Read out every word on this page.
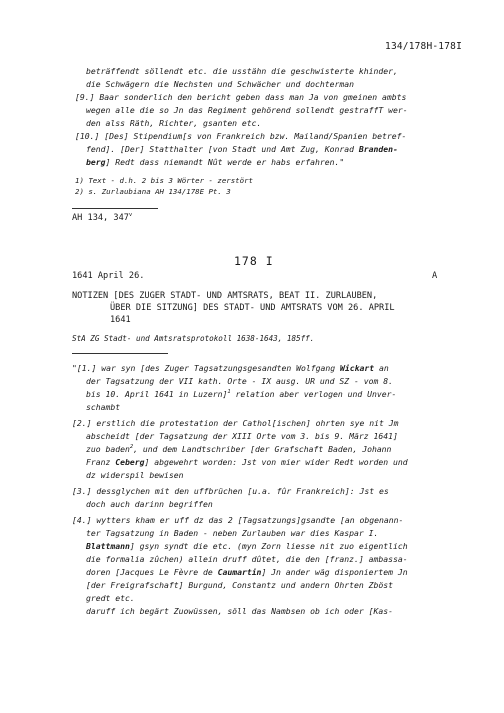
134/178H-178I
beträffendt söllendt etc. die usstähn die geschwisterte khinder,
die Schwägern die Nechsten und Schwächer und dochterman
[9.] Baar sonderlich den bericht geben dass man Ja von gmeinen ambts
wegen alle die so Jn das Regiment gehörend sollendt gestraffT wer-
den alss Räth, Richter, gsanten etc.
[10.] [Des] Stipendium[s von Frankreich bzw. Mailand/Spanien betref-
fend]. [Der] Statthalter [von Stadt und Amt Zug, Konrad Branden-
berg] Redt dass niemandt Nût werde er habs erfahren."
1) Text - d.h. 2 bis 3 Wörter - zerstört
2) s. Zurlaubiana AH 134/178E Pt. 3
AH 134, 347$^v$
178 I
1641 April 26.	A
NOTIZEN [DES ZUGER STADT- UND AMTSRATS, BEAT II. ZURLAUBEN,
ÜBER DIE SITZUNG] DES STADT- UND AMTSRATS VOM 26. APRIL
1641
StA ZG Stadt- und Amtsratsprotokoll 1638-1643, 185ff.
"[1.] war syn [des Zuger Tagsatzungsgesandten Wolfgang Wickart an
der Tagsatzung der VII kath. Orte - IX ausg. UR und SZ - vom 8.
bis 10. April 1641 in Luzern]$^1$ relation aber verlogen und Unver-
schambt
[2.] erstlich die protestation der Cathol[ischen] ohrten sye nit Jm
abscheidt [der Tagsatzung der XIII Orte vom 3. bis 9. März 1641]
zuo baden$^2$, und dem Landtschriber [der Grafschaft Baden, Johann
Franz Ceberg] abgewehrt worden: Jst von mier wider Redt worden und
dz widerspil bewisen
[3.] dessglychen mit den uffbrüchen [u.a. fûr Frankreich]: Jst es
doch auch darinn begriffen
[4.] wytters kham er uff dz das 2 [Tagsatzungs]gsandte [an obgenann-
ter Tagsatzung in Baden - neben Zurlauben war dies Kaspar I.
Blattmann] gsyn syndt die etc. (myn Zorn liesse nit zuo eigentlich
die formalia zûchen) allein druff dûtet, die den [franz.] ambassa-
doren [Jacques Le Fèvre de Caumartin] Jn ander wäg disponiertem Jn
[der Freigrafschaft] Burgund, Constantz und andern Ohrten Zböst
gredt etc.
daruff ich begärt Zuowüssen, söll das Nambsen ob ich oder [Kas-
